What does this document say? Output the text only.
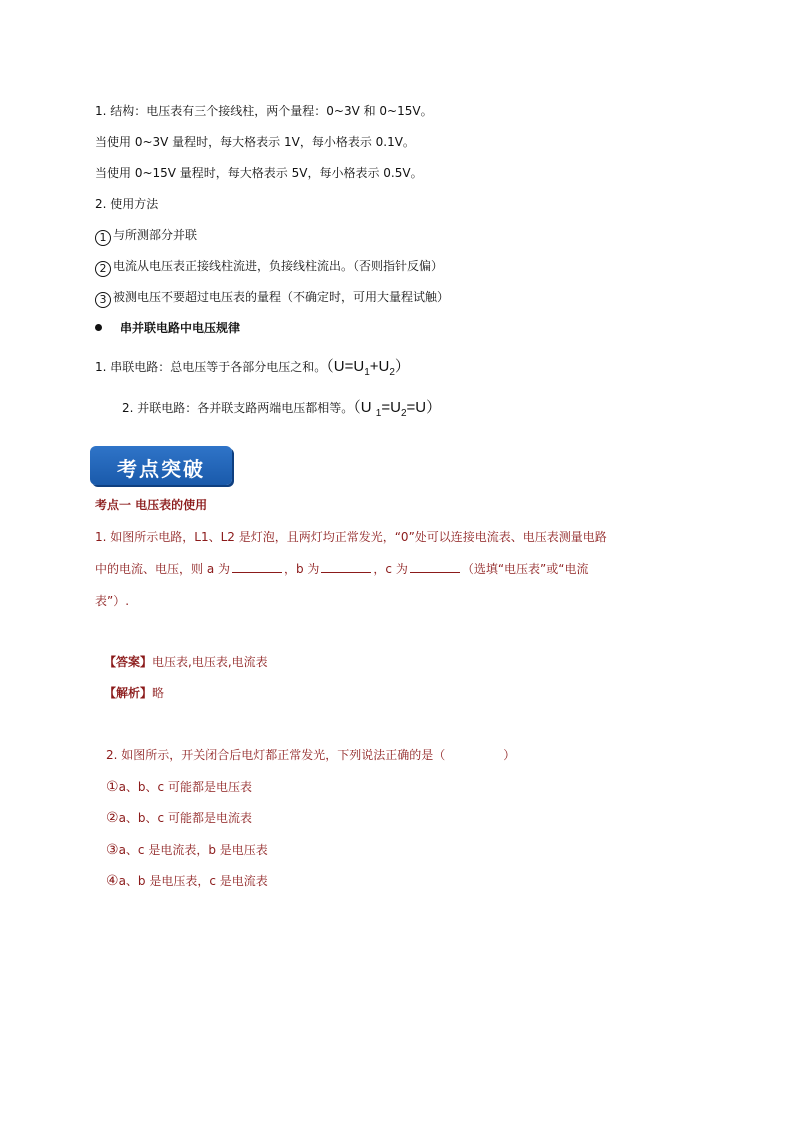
1. 结构：电压表有三个接线柱，两个量程：0~3V 和 0~15V。
当使用 0~3V 量程时，每大格表示 1V，每小格表示 0.1V。
当使用 0~15V 量程时，每大格表示 5V，每小格表示 0.5V。
2. 使用方法
1 与所测部分并联
2 电流从电压表正接线柱流进，负接线柱流出。（否则指针反偏）
3 被测电压不要超过电压表的量程（不确定时，可用大量程试触）
串并联电路中电压规律
1. 串联电路：总电压等于各部分电压之和。$(U=U_1+U_2)$
2. 并联电路：各并联支路两端电压都相等。（U $_1=U_2=U$）
考点突破
考点一 电压表的使用
1. 如图所示电路，L1、L2 是灯泡，且两灯均正常发光，“0”处可以连接电流表、电压表测量电路
中的电流、电压，则 a 为	，b 为	，c 为	（选填“电压表”或“电流
表”）.
【答案】电压表,电压表,电流表
【解析】略
2. 如图所示，开关闭合后电灯都正常发光，下列说法正确的是（	）
①a、b、c 可能都是电压表
②a、b、c 可能都是电流表
③a、c 是电流表，b 是电压表
④a、b 是电压表，c 是电流表
